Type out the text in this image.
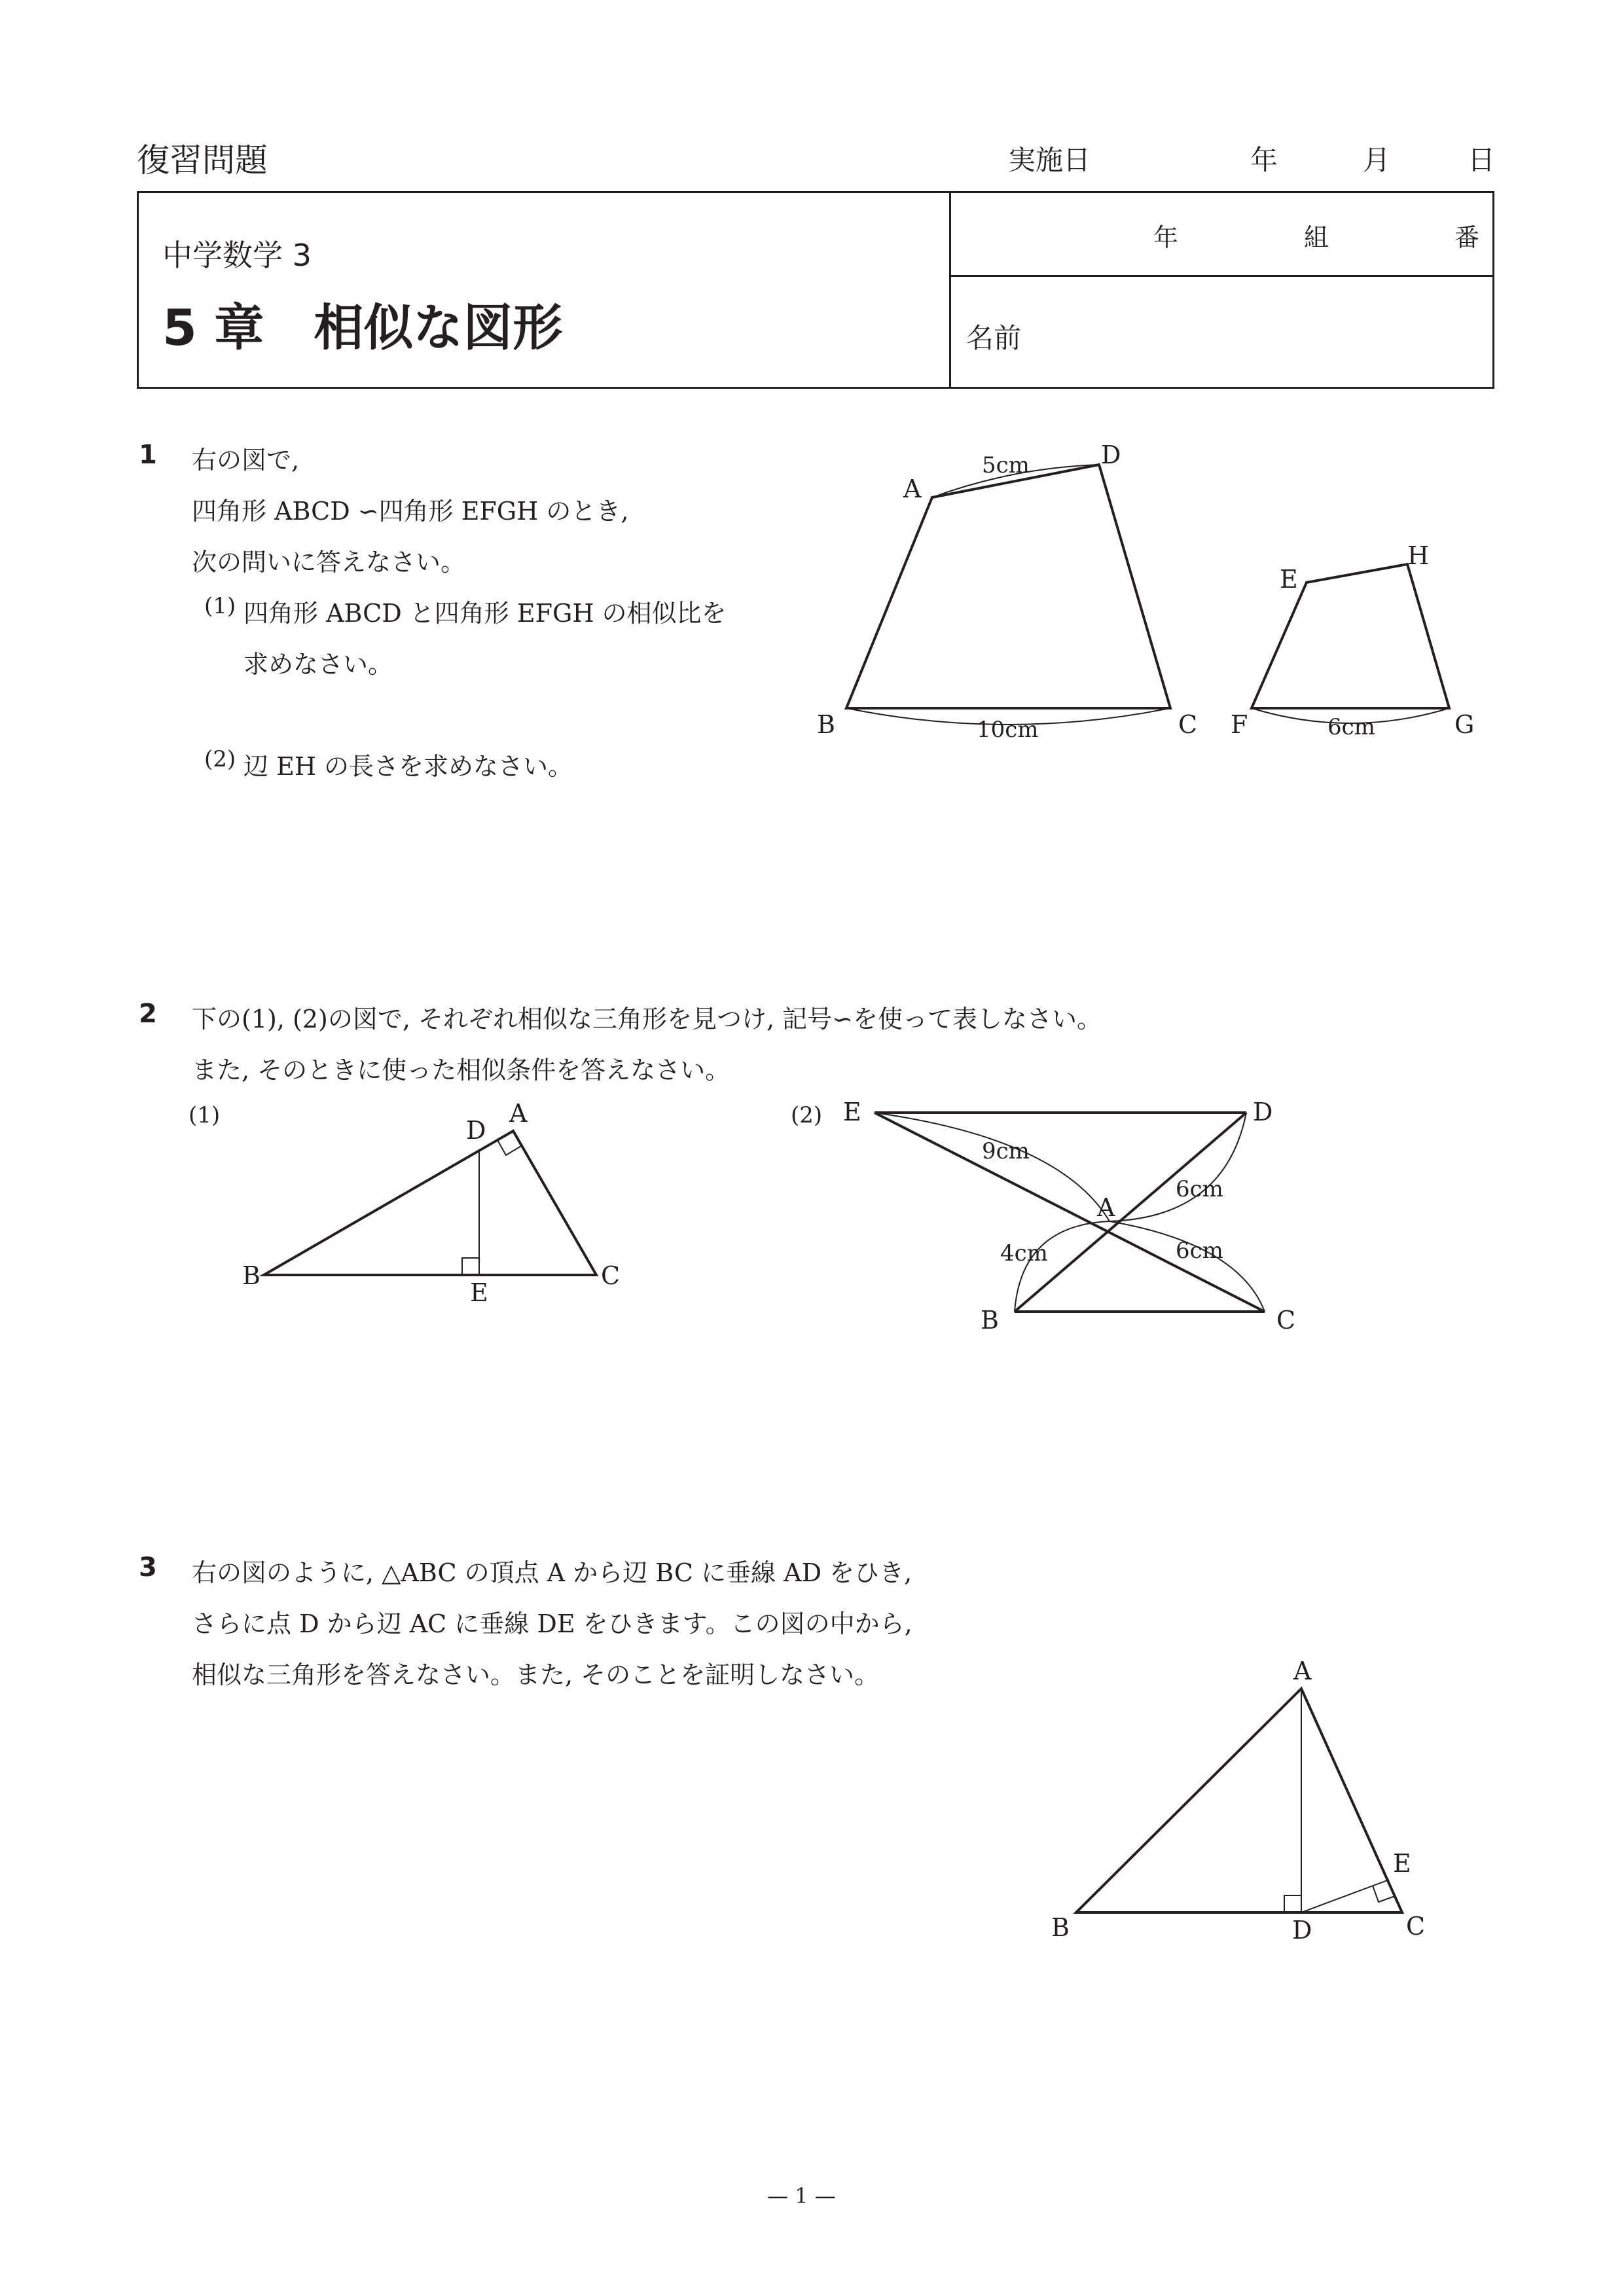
復習問題	実施日	年	月	日
中学数学 3
5 章　相似な図形
年	組	番
名前
1 右の図で,
四角形 ABCD ∽四角形 EFGH のとき,
次の問いに答えなさい。
(1) 四角形 ABCD と四角形 EFGH の相似比を
求めなさい。
(2) 辺 EH の長さを求めなさい。
A
B	C
D
E
F	G
H
5cm
10cm	6cm
2 下の(1), (2)の図で, それぞれ相似な三角形を見つけ, 記号∽を使って表しなさい。
また, そのときに使った相似条件を答えなさい。
(1)	(2)
A
B	C
D
E
A
B	C
D
E
9cm
6cm
4cm	6cm
3 右の図のように, △ABC の頂点 A から辺 BC に垂線 AD をひき,
さらに点 D から辺 AC に垂線 DE をひきます。この図の中から,
相似な三角形を答えなさい。また, そのことを証明しなさい。	A
B	C
D
E
— 1 —
